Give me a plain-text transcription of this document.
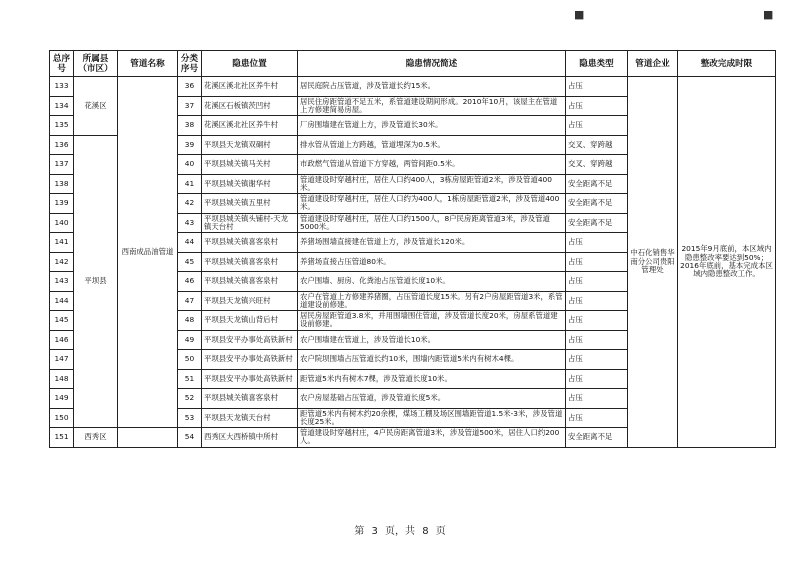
■	■
总序号	所属县（市区）	管道名称	分类序号	隐患位置	隐患情况简述	隐患类型	管道企业	整改完成时限
133	花溪区	西南成品油管道	36	花溪区溪北社区养牛村	居民庭院占压管道，涉及管道长约15米。	占压	中石化销售华南分公司贵阳管理处	2015年9月底前，本区域内隐患整改率要达到50%；2016年底前，基本完成本区域内隐患整改工作。
134			37	花溪区石板镇茨凹村	居民住房距管道不足五米，系管道建设期间形成。2010年10月，该屋主在管道上方修建简易房屋。	占压		
135			38	花溪区溪北社区养牛村	厂房围墙建在管道上方，涉及管道长30米。	占压		
136	平坝县		39	平坝县天龙镇双硐村	排水管从管道上方跨越，管道埋深为0.5米。	交叉、穿跨越		
137			40	平坝县城关镇马关村	市政燃气管道从管道下方穿越，两管间距0.5米。	交叉、穿跨越		
138			41	平坝县城关镇谢华村	管道建设时穿越村庄，居住人口约400人，3栋房屋距管道2米，涉及管道400米。	安全距离不足		
139			42	平坝县城关镇五里村	管道建设时穿越村庄，居住人口约为400人，1栋房屋距管道2米，涉及管道400米。	安全距离不足		
140			43	平坝县城关镇头铺村-天龙镇天台村	管道建设时穿越村庄，居住人口约1500人，8户民房距离管道3米，涉及管道5000米。	安全距离不足		
141			44	平坝县城关镇喜客泉村	养猪场围墙直接建在管道上方，涉及管道长120米。	占压		
142			45	平坝县城关镇喜客泉村	养猪场直接占压管道80米。	占压		
143			46	平坝县城关镇喜客泉村	农户围墙、厨房、化粪池占压管道长度10米。	占压		
144			47	平坝县天龙镇兴旺村	农户在管道上方修建养猪圈，占压管道长度15米。另有2户房屋距管道3米，系管道建设前修建。	占压		
145			48	平坝县天龙镇山背后村	居民房屋距管道3.8米，并用围墙围住管道，涉及管道长度20米，房屋系管道建设前修建。	占压		
146			49	平坝县安平办事处高铁新村	农户围墙建在管道上，涉及管道长10米。	占压		
147			50	平坝县安平办事处高铁新村	农户院坝围墙占压管道长约10米，围墙内距管道5米内有树木4棵。	占压		
148			51	平坝县安平办事处高铁新村	距管道5米内有树木7棵，涉及管道长度10米。	占压		
149			52	平坝县城关镇喜客泉村	农户房屋基础占压管道，涉及管道长度5米。	占压		
150			53	平坝县天龙镇天台村	距管道5米内有树木约20余棵，煤场工棚及场区围墙距管道1.5米-3米，涉及管道长度25米。	占压		
151	西秀区		54	西秀区大西桥镇中所村	管道建设时穿越村庄，4户民房距离管道3米，涉及管道500米，居住人口约200人。	安全距离不足		
第 3 页，共 8 页
